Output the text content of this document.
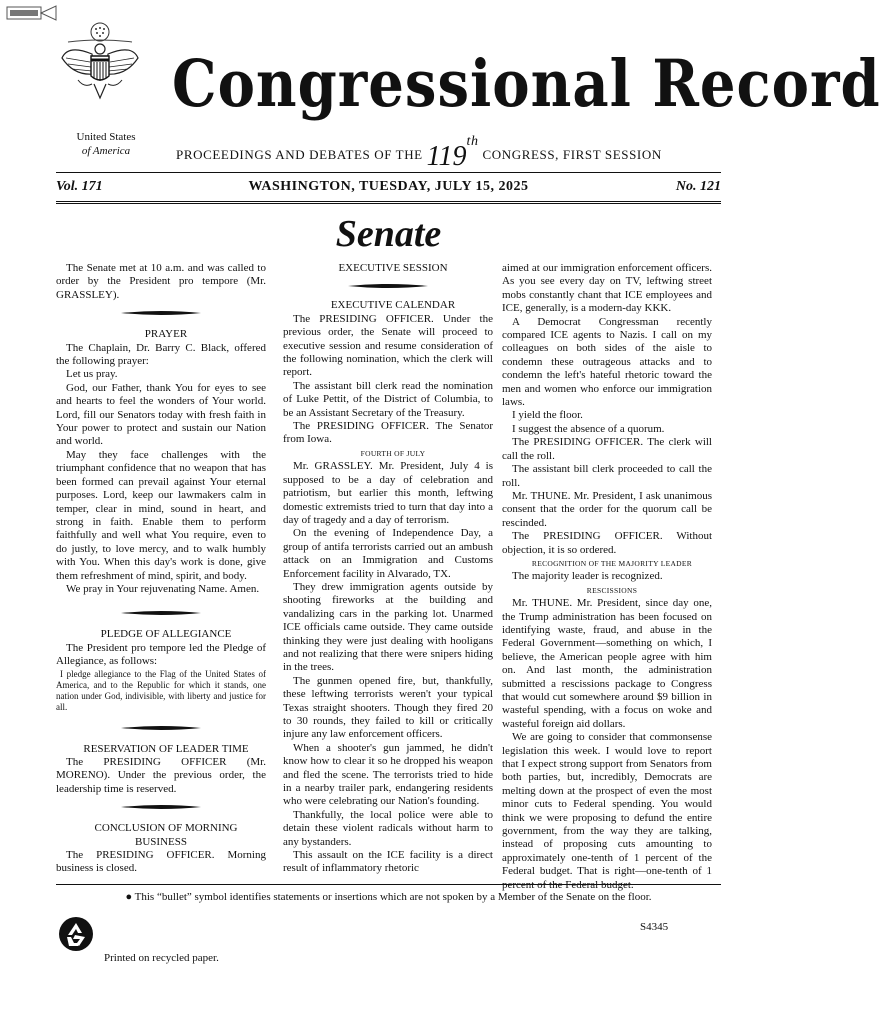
Congressional Record
United States
of America	PROCEEDINGS AND DEBATES OF THE 119th CONGRESS, FIRST SESSION
Vol. 171	WASHINGTON, TUESDAY, JULY 15, 2025	No. 121
Senate

The Senate met at 10 a.m. and was called to order by the President pro tempore (Mr. GRASSLEY).

PRAYER

The Chaplain, Dr. Barry C. Black, offered the following prayer:

Let us pray.

God, our Father, thank You for eyes to see and hearts to feel the wonders of Your world. Lord, fill our Senators today with fresh faith in Your power to protect and sustain our Nation and world.

May they face challenges with the triumphant confidence that no weapon that has been formed can prevail against Your eternal purposes. Lord, keep our lawmakers calm in temper, clear in mind, sound in heart, and strong in faith. Enable them to perform faithfully and well what You require, even to do justly, to love mercy, and to walk humbly with You. When this day's work is done, give them refreshment of mind, spirit, and body.

We pray in Your rejuvenating Name. Amen.

PLEDGE OF ALLEGIANCE

The President pro tempore led the Pledge of Allegiance, as follows:

I pledge allegiance to the Flag of the United States of America, and to the Republic for which it stands, one nation under God, indivisible, with liberty and justice for all.

RESERVATION OF LEADER TIME

The PRESIDING OFFICER (Mr. MORENO). Under the previous order, the leadership time is reserved.

CONCLUSION OF MORNING BUSINESS

The PRESIDING OFFICER. Morning business is closed.

EXECUTIVE SESSION

EXECUTIVE CALENDAR

The PRESIDING OFFICER. Under the previous order, the Senate will proceed to executive session and resume consideration of the following nomination, which the clerk will report.

The assistant bill clerk read the nomination of Luke Pettit, of the District of Columbia, to be an Assistant Secretary of the Treasury.

The PRESIDING OFFICER. The Senator from Iowa.

FOURTH OF JULY

Mr. GRASSLEY. Mr. President, July 4 is supposed to be a day of celebration and patriotism, but earlier this month, leftwing domestic extremists tried to turn that day into a day of tragedy and a day of terrorism.

On the evening of Independence Day, a group of antifa terrorists carried out an ambush attack on an Immigration and Customs Enforcement facility in Alvarado, TX.

They drew immigration agents outside by shooting fireworks at the building and vandalizing cars in the parking lot. Unarmed ICE officials came outside. They came outside thinking they were just dealing with hooligans and not realizing that there were snipers hiding in the trees.

The gunmen opened fire, but, thankfully, these leftwing terrorists weren't your typical Texas straight shooters. Though they fired 20 to 30 rounds, they failed to kill or critically injure any law enforcement officers.

When a shooter's gun jammed, he didn't know how to clear it so he dropped his weapon and fled the scene. The terrorists tried to hide in a nearby trailer park, endangering residents who were celebrating our Nation's founding.

Thankfully, the local police were able to detain these violent radicals without harm to any bystanders.

This assault on the ICE facility is a direct result of inflammatory rhetoric

aimed at our immigration enforcement officers. As you see every day on TV, leftwing street mobs constantly chant that ICE employees and ICE, generally, is a modern-day KKK.

A Democrat Congressman recently compared ICE agents to Nazis. I call on my colleagues on both sides of the aisle to condemn these outrageous attacks and to condemn the left's hateful rhetoric toward the men and women who enforce our immigration laws.

I yield the floor.

I suggest the absence of a quorum.

The PRESIDING OFFICER. The clerk will call the roll.

The assistant bill clerk proceeded to call the roll.

Mr. THUNE. Mr. President, I ask unanimous consent that the order for the quorum call be rescinded.

The PRESIDING OFFICER. Without objection, it is so ordered.

RECOGNITION OF THE MAJORITY LEADER

The majority leader is recognized.

RESCISSIONS

Mr. THUNE. Mr. President, since day one, the Trump administration has been focused on identifying waste, fraud, and abuse in the Federal Government—something on which, I believe, the American people agree with him on. And last month, the administration submitted a rescissions package to Congress that would cut somewhere around $9 billion in wasteful spending, with a focus on woke and wasteful foreign aid dollars.

We are going to consider that commonsense legislation this week. I would love to report that I expect strong support from Senators from both parties, but, incredibly, Democrats are melting down at the prospect of even the most minor cuts to Federal spending. You would think we were proposing to defund the entire government, from the way they are talking, instead of proposing cuts amounting to approximately one-tenth of 1 percent of the Federal budget. That is right—one-tenth of 1 percent of the Federal budget.

● This “bullet” symbol identifies statements or insertions which are not spoken by a Member of the Senate on the floor.
S4345
Printed on recycled paper.
